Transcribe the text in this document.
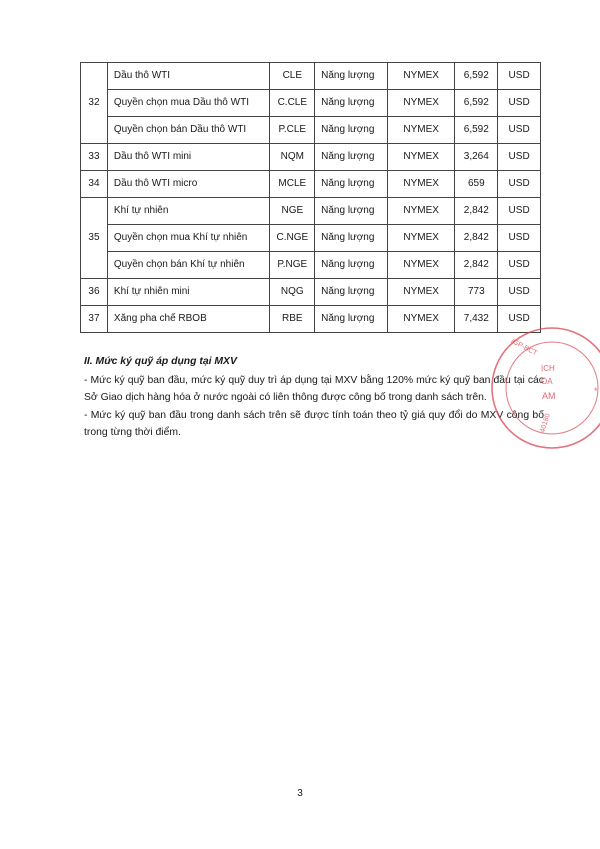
32	Dầu thô WTI	CLE	Năng lượng	NYMEX	6,592	USD
	Quyền chọn mua Dầu thô WTI	C.CLE	Năng lượng	NYMEX	6,592	USD
	Quyền chọn bán Dầu thô WTI	P.CLE	Năng lượng	NYMEX	6,592	USD
33	Dầu thô WTI mini	NQM	Năng lượng	NYMEX	3,264	USD
34	Dầu thô WTI micro	MCLE	Năng lượng	NYMEX	659	USD
35	Khí tự nhiên	NGE	Năng lượng	NYMEX	2,842	USD
	Quyền chọn mua Khí tự nhiên	C.NGE	Năng lượng	NYMEX	2,842	USD
	Quyền chọn bán Khí tự nhiên	P.NGE	Năng lượng	NYMEX	2,842	USD
36	Khí tự nhiên mini	NQG	Năng lượng	NYMEX	773	USD
37	Xăng pha chế RBOB	RBE	Năng lượng	NYMEX	7,432	USD
II. Mức ký quỹ áp dụng tại MXV

- Mức ký quỹ ban đầu, mức ký quỹ duy trì áp dụng tại MXV bằng 120% mức ký quỹ ban đầu tại các Sở Giao dịch hàng hóa ở nước ngoài có liên thông được công bố trong danh sách trên.

- Mức ký quỹ ban đầu trong danh sách trên sẽ được tính toán theo tỷ giá quy đổi do MXV công bố trong từng thời điểm.

3
/GP-BCT
ỊCH
ÓA
AM	*
40180
